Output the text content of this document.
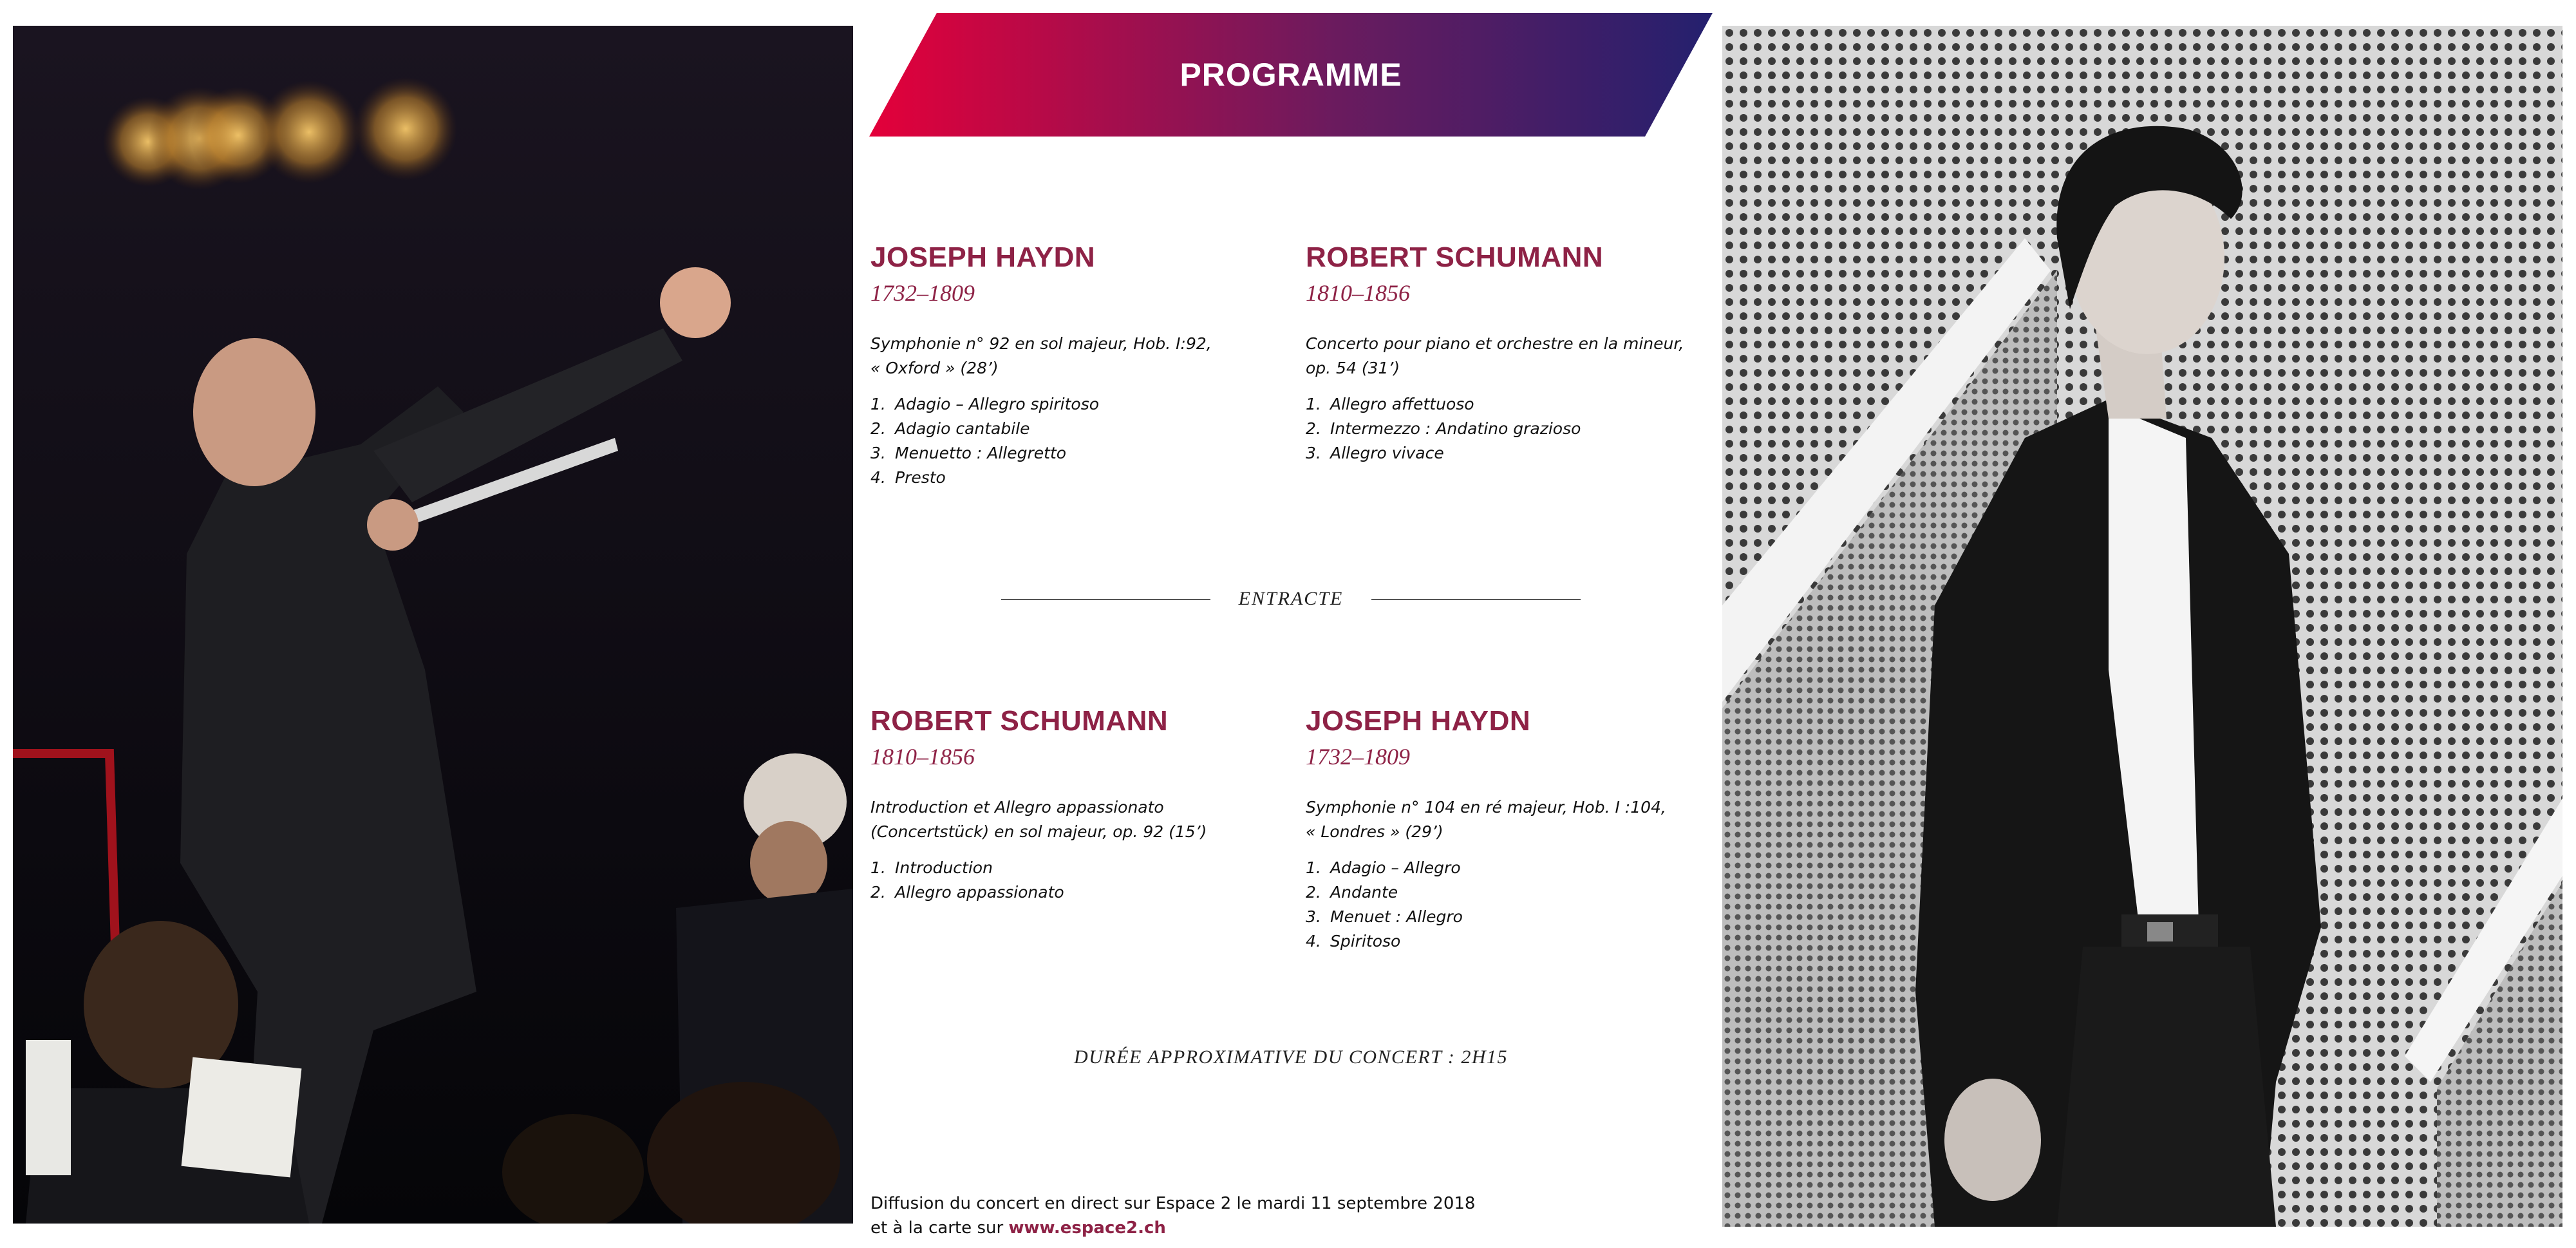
PROGRAMME
JOSEPH HAYDN
1732–1809
Symphonie n° 92 en sol majeur, Hob. I:92,
« Oxford » (28’)
1. Adagio – Allegro spiritoso
2. Adagio cantabile
3. Menuetto : Allegretto
4. Presto
ROBERT SCHUMANN
1810–1856
Concerto pour piano et orchestre en la mineur,
op. 54 (31’)
1. Allegro affettuoso
2. Intermezzo : Andatino grazioso
3. Allegro vivace
ENTRACTE
ROBERT SCHUMANN
1810–1856
Introduction et Allegro appassionato
(Concertstück) en sol majeur, op. 92 (15’)
1. Introduction
2. Allegro appassionato
JOSEPH HAYDN
1732–1809
Symphonie n° 104 en ré majeur, Hob. I :104,
« Londres » (29’)
1. Adagio – Allegro
2. Andante
3. Menuet : Allegro
4. Spiritoso
DURÉE APPROXIMATIVE DU CONCERT : 2H15
Diffusion du concert en direct sur Espace 2 le mardi 11 septembre 2018
et à la carte sur www.espace2.ch
